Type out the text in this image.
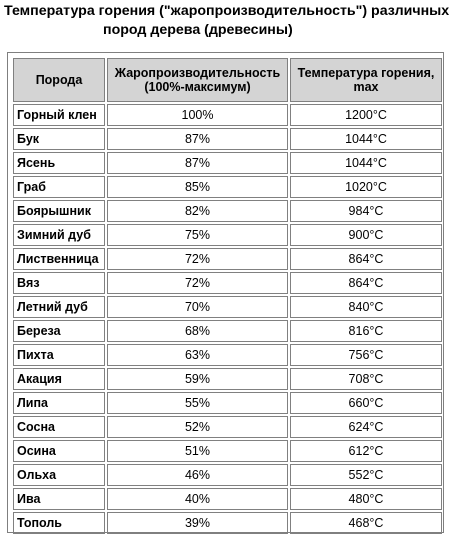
Температура горения ("жаропроизводительность") различных
пород дерева (древесины)
Порода	Жаропроизводительность (100%-максимум)	Температура горения, max
Горный клен	100%	1200°C
Бук	87%	1044°C
Ясень	87%	1044°C
Граб	85%	1020°C
Боярышник	82%	984°C
Зимний дуб	75%	900°C
Лиственница	72%	864°C
Вяз	72%	864°C
Летний дуб	70%	840°C
Береза	68%	816°C
Пихта	63%	756°C
Акация	59%	708°C
Липа	55%	660°C
Сосна	52%	624°C
Осина	51%	612°C
Ольха	46%	552°C
Ива	40%	480°C
Тополь	39%	468°C
